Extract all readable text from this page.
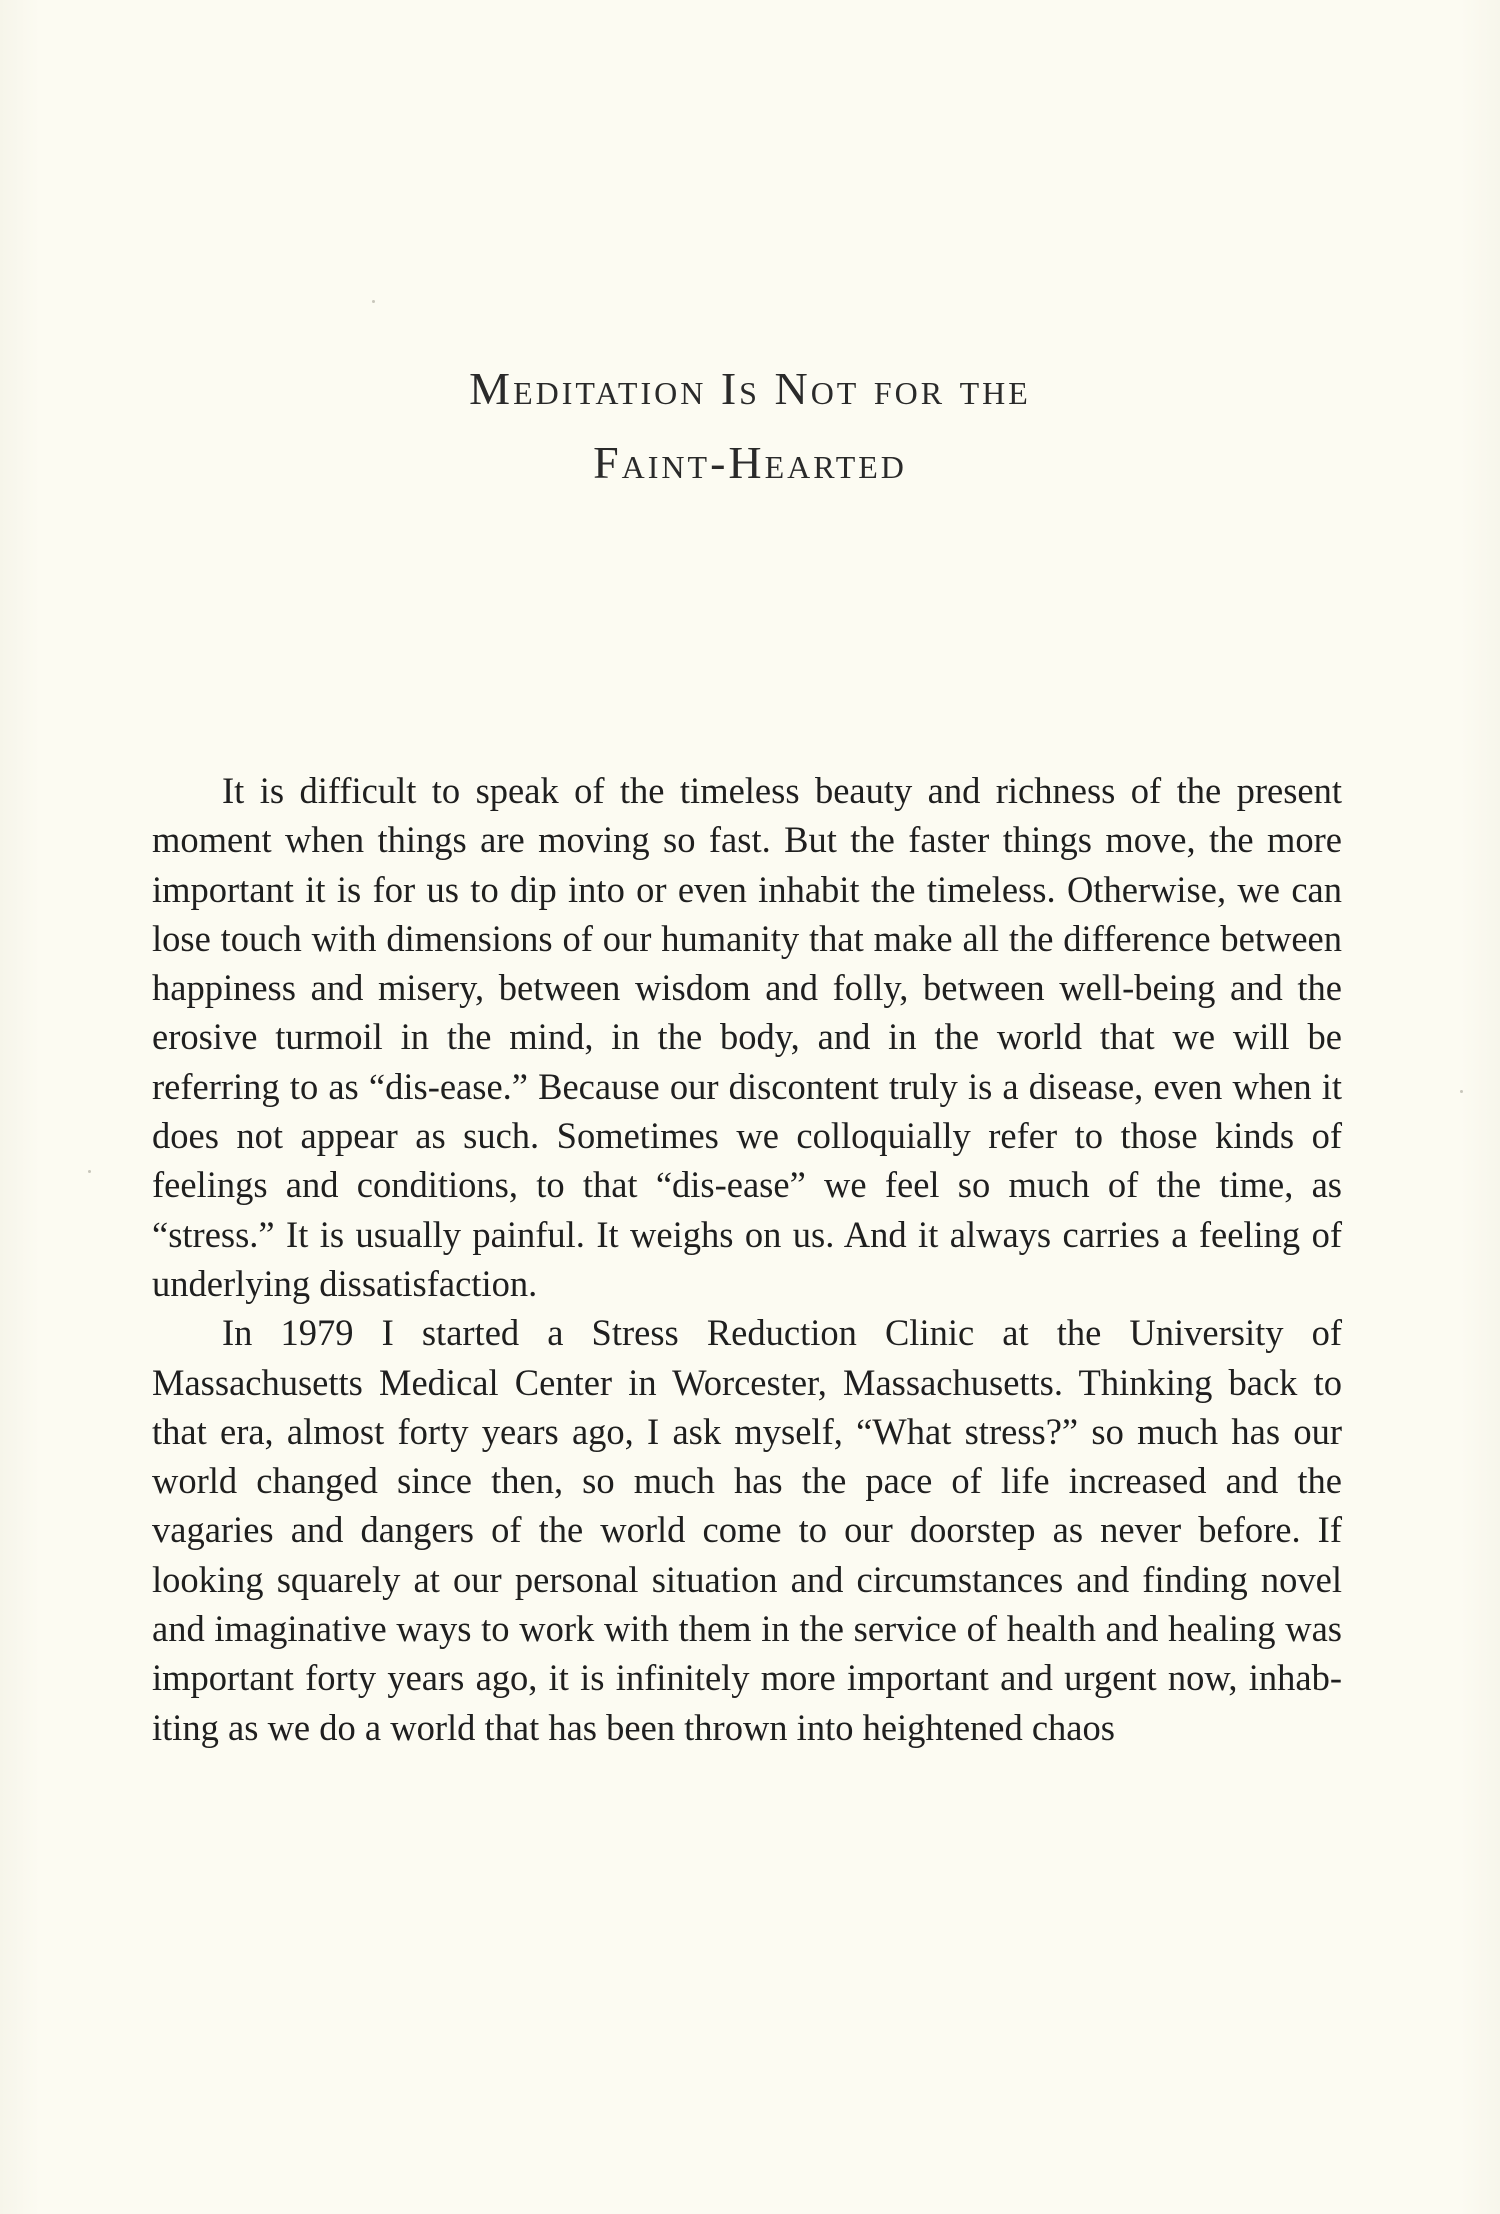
Meditation Is Not for the
Faint-Hearted

It is difficult to speak of the timeless beauty and richness of the present moment when things are moving so fast. But the faster things move, the more important it is for us to dip into or even inhabit the timeless. Otherwise, we can lose touch with dimensions of our humanity that make all the difference between happiness and misery, between wisdom and folly, between well-being and the erosive turmoil in the mind, in the body, and in the world that we will be referring to as “dis-ease.” Because our discontent truly is a disease, even when it does not appear as such. Sometimes we colloquially refer to those kinds of feelings and conditions, to that “dis-ease” we feel so much of the time, as “stress.” It is usually painful. It weighs on us. And it always carries a feeling of underlying dissatisfaction.

In 1979 I started a Stress Reduction Clinic at the University of Massachusetts Medical Center in Worcester, Massachusetts. Thinking back to that era, almost forty years ago, I ask myself, “What stress?” so much has our world changed since then, so much has the pace of life increased and the vagaries and dangers of the world come to our doorstep as never before. If looking squarely at our personal situation and circumstances and finding novel and imaginative ways to work with them in the service of health and healing was important forty years ago, it is infinitely more important and urgent now, inhabiting as we do a world that has been thrown into heightened chaos
